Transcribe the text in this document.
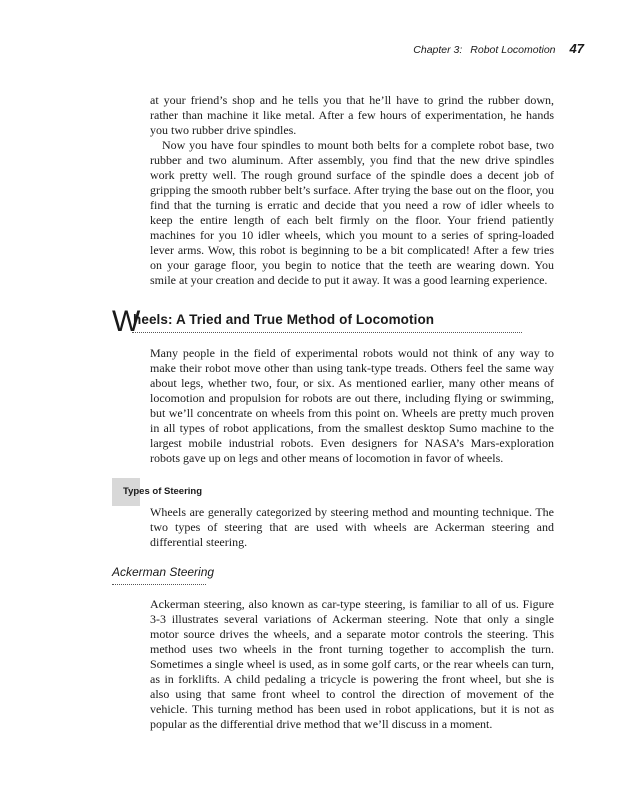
Chapter 3: Robot Locomotion 47

at your friend’s shop and he tells you that he’ll have to grind the rubber down, rather than machine it like metal. After a few hours of experimentation, he hands you two rubber drive spindles.

Now you have four spindles to mount both belts for a complete robot base, two rubber and two aluminum. After assembly, you find that the new drive spindles work pretty well. The rough ground surface of the spindle does a decent job of gripping the smooth rubber belt’s surface. After trying the base out on the floor, you find that the turning is erratic and decide that you need a row of idler wheels to keep the entire length of each belt firmly on the floor. Your friend patiently machines for you 10 idler wheels, which you mount to a series of spring-loaded lever arms. Wow, this robot is beginning to be a bit complicated! After a few tries on your garage floor, you begin to notice that the teeth are wearing down. You smile at your creation and decide to put it away. It was a good learning experience.

W
heels: A Tried and True Method of Locomotion

Many people in the field of experimental robots would not think of any way to make their robot move other than using tank-type treads. Others feel the same way about legs, whether two, four, or six. As mentioned earlier, many other means of locomotion and propulsion for robots are out there, including flying or swimming, but we’ll concentrate on wheels from this point on. Wheels are pretty much proven in all types of robot applications, from the smallest desktop Sumo machine to the largest mobile industrial robots. Even designers for NASA’s Mars-exploration robots gave up on legs and other means of locomotion in favor of wheels.

Types of Steering

Wheels are generally categorized by steering method and mounting technique. The two types of steering that are used with wheels are Ackerman steering and differential steering.

Ackerman Steering

Ackerman steering, also known as car-type steering, is familiar to all of us. Figure 3-3 illustrates several variations of Ackerman steering. Note that only a single motor source drives the wheels, and a separate motor controls the steering. This method uses two wheels in the front turning together to accomplish the turn. Sometimes a single wheel is used, as in some golf carts, or the rear wheels can turn, as in forklifts. A child pedaling a tricycle is powering the front wheel, but she is also using that same front wheel to control the direction of movement of the vehicle. This turning method has been used in robot applications, but it is not as popular as the differential drive method that we’ll discuss in a moment.
